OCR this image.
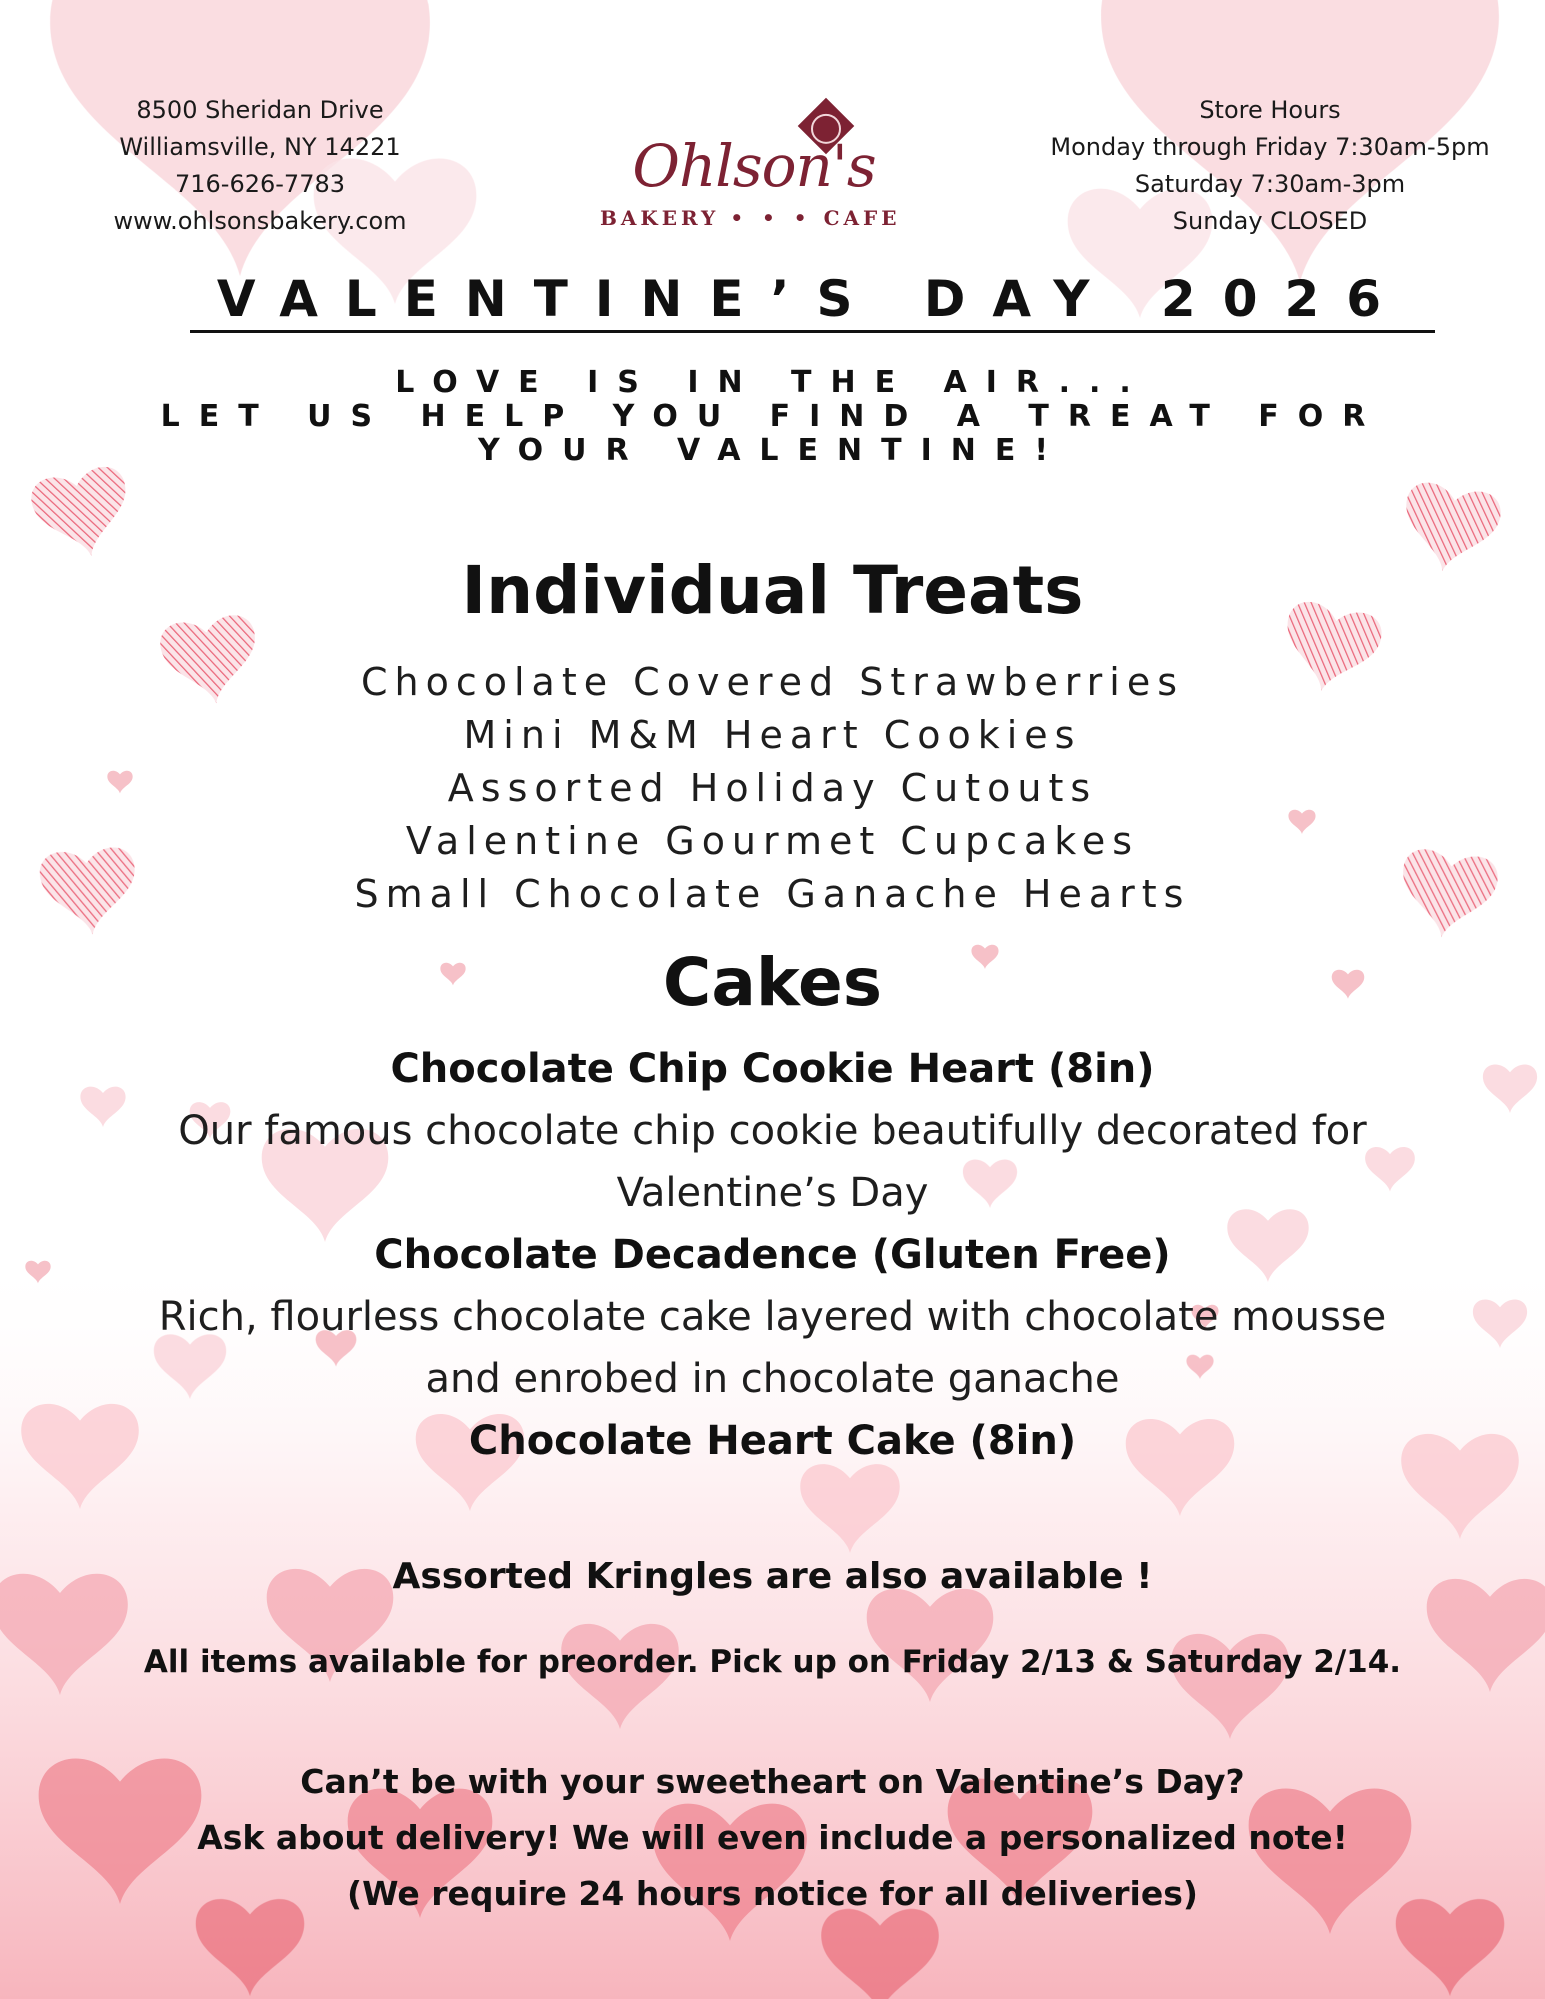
8500 Sheridan Drive
Williamsville, NY 14221
716-626-7783
www.ohlsonsbakery.com
Ohlson's
BAKERY • • • CAFE
Store Hours
Monday through Friday 7:30am-5pm
Saturday 7:30am-3pm
Sunday CLOSED
VALENTINE’S DAY 2026
LOVE IS IN THE AIR...
LET US HELP YOU FIND A TREAT FOR
YOUR VALENTINE!
Individual Treats
Chocolate Covered Strawberries
Mini M&M Heart Cookies
Assorted Holiday Cutouts
Valentine Gourmet Cupcakes
Small Chocolate Ganache Hearts
Cakes
Chocolate Chip Cookie Heart (8in)
Our famous chocolate chip cookie beautifully decorated for
Valentine’s Day
Chocolate Decadence (Gluten Free)
Rich, flourless chocolate cake layered with chocolate mousse
and enrobed in chocolate ganache
Chocolate Heart Cake (8in)
Assorted Kringles are also available !
All items available for preorder. Pick up on Friday 2/13 & Saturday 2/14.
Can’t be with your sweetheart on Valentine’s Day?
Ask about delivery! We will even include a personalized note!
(We require 24 hours notice for all deliveries)
